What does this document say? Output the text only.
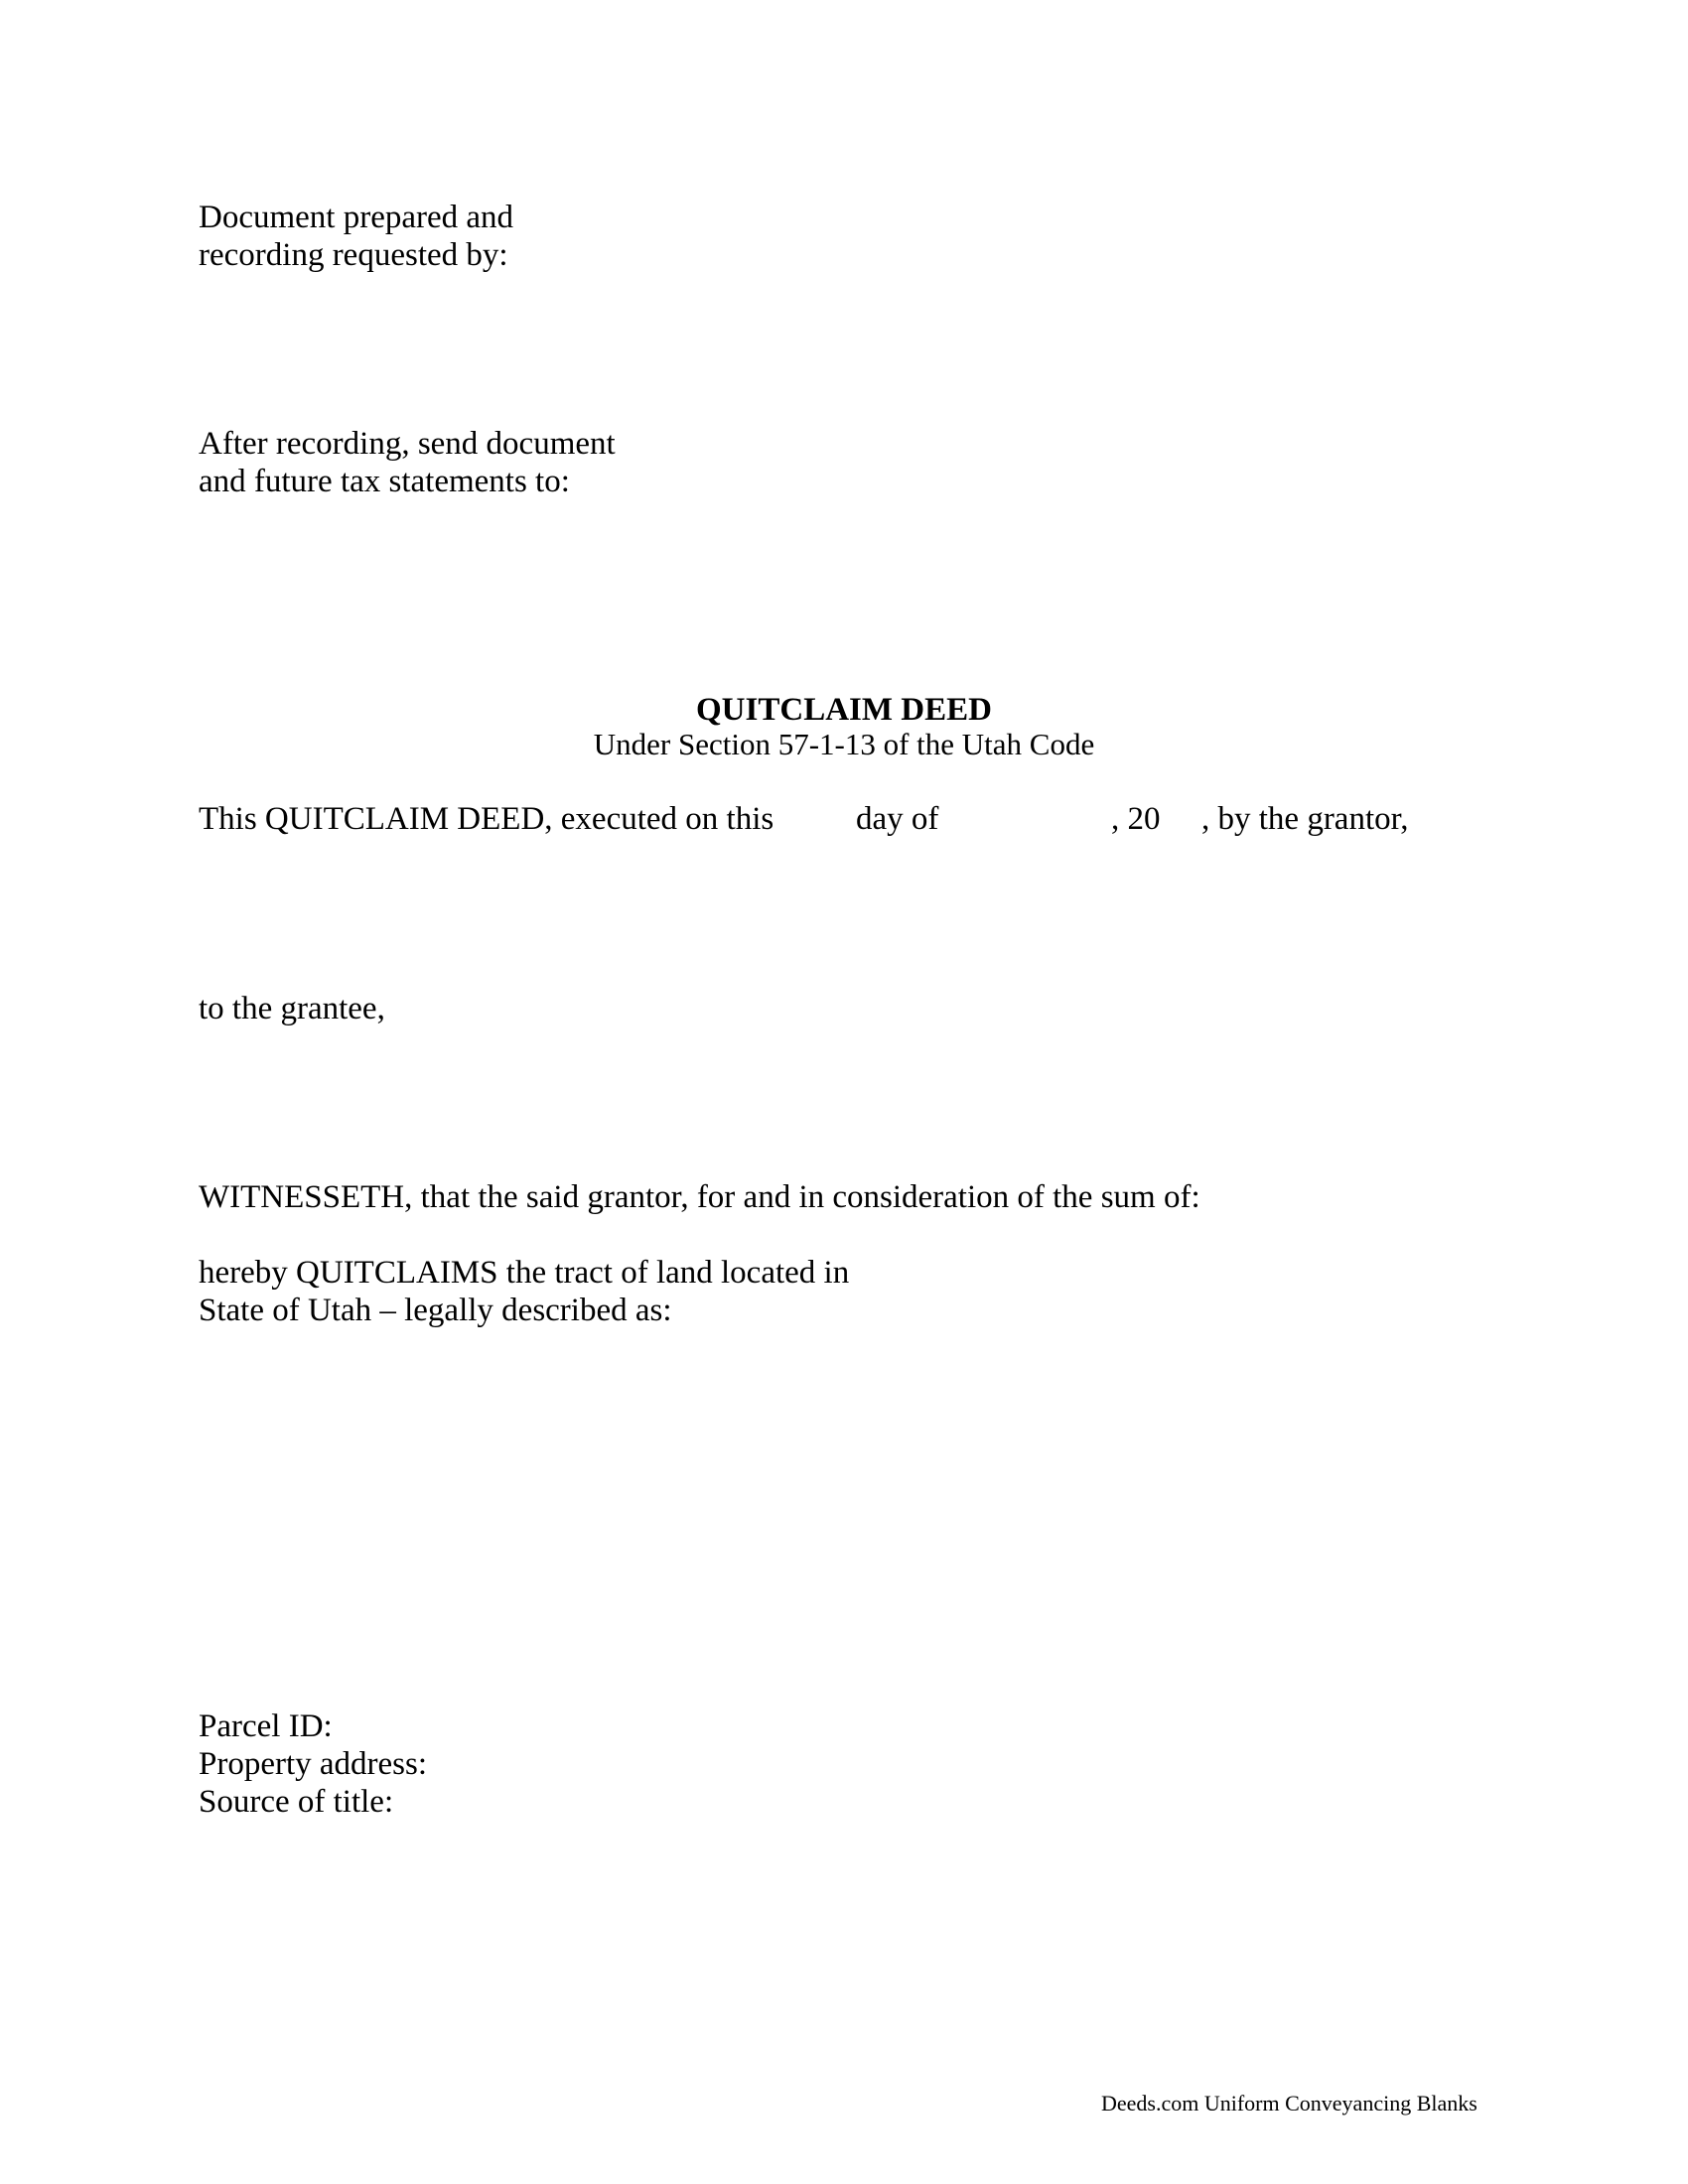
Document prepared and
recording requested by:
After recording, send document
and future tax statements to:
QUITCLAIM DEED
Under Section 57-1-13 of the Utah Code
This QUITCLAIM DEED, executed on this	day of	, 20 , by the grantor,
to the grantee,
WITNESSETH, that the said grantor, for and in consideration of the sum of:
hereby QUITCLAIMS the tract of land located in
State of Utah – legally described as:
Parcel ID:
Property address:
Source of title:
Deeds.com Uniform Conveyancing Blanks
